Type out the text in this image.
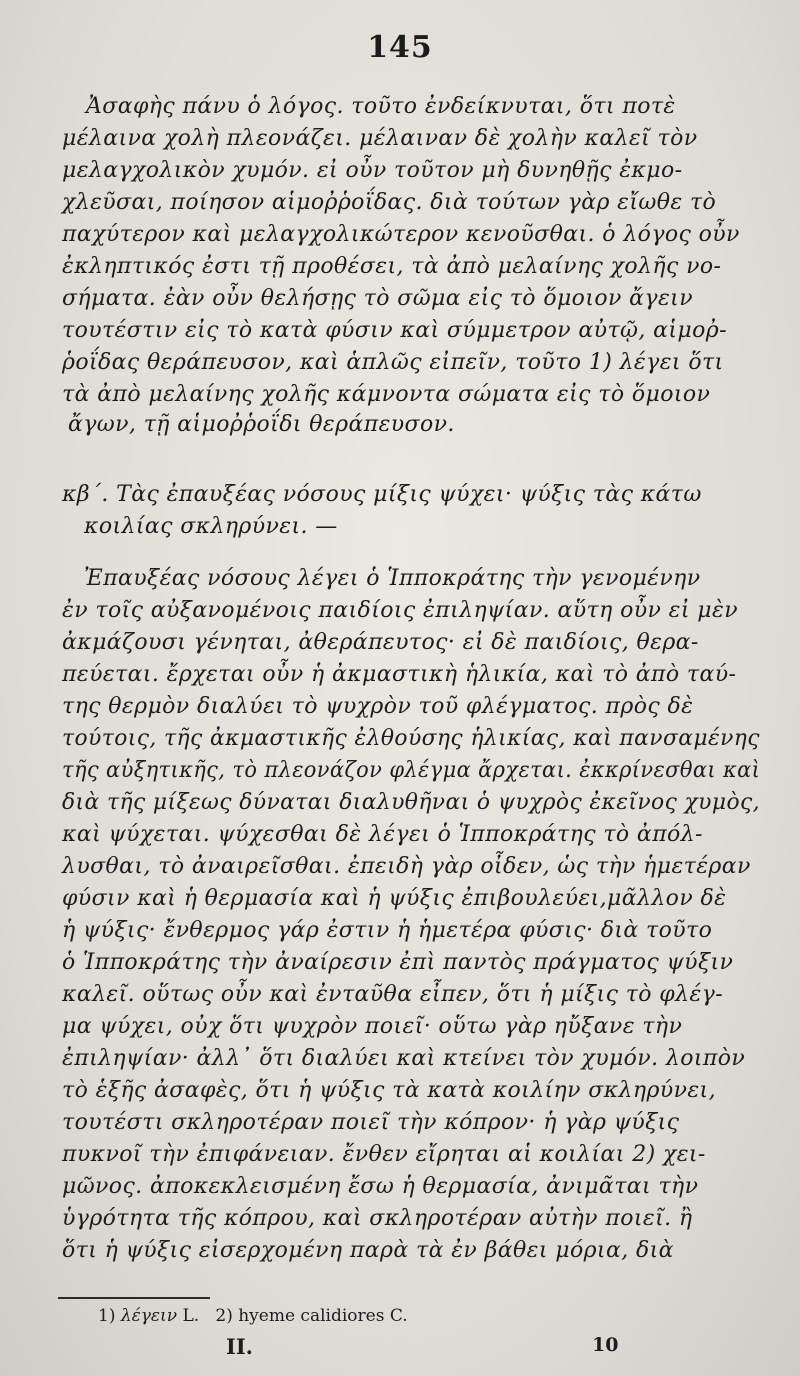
145
Ἀσαφὴς πάνυ ὁ λόγος. τοῦτο ἐνδείκνυται, ὅτι ποτὲ
μέλαινα χολὴ πλεονάζει. μέλαιναν δὲ χολὴν καλεῖ τὸν
μελαγχολικὸν χυμόν. εἰ οὖν τοῦτον μὴ δυνηθῇς ἐκμο-
χλεῦσαι, ποίησον αἱμοῤῥοΐδας. διὰ τούτων γὰρ εἴωθε τὸ
παχύτερον καὶ μελαγχολικώτερον κενοῦσθαι. ὁ λόγος οὖν
ἐκληπτικός ἐστι τῇ προθέσει, τὰ ἀπὸ μελαίνης χολῆς νο-
σήματα. ἐὰν οὖν θελήσῃς τὸ σῶμα εἰς τὸ ὅμοιον ἄγειν
τουτέστιν εἰς τὸ κατὰ φύσιν καὶ σύμμετρον αὐτῷ, αἱμοῤ-
ῥοΐδας θεράπευσον, καὶ ἁπλῶς εἰπεῖν, τοῦτο 1) λέγει ὅτι
τὰ ἀπὸ μελαίνης χολῆς κάμνοντα σώματα εἰς τὸ ὅμοιον
ἄγων, τῇ αἱμοῤῥοΐδι θεράπευσον.
κβ΄. Τὰς ἐπαυξέας νόσους μίξις ψύχει· ψύξις τὰς κάτω
κοιλίας σκληρύνει. —
Ἐπαυξέας νόσους λέγει ὁ Ἱπποκράτης τὴν γενομένην
ἐν τοῖς αὐξανομένοις παιδίοις ἐπιληψίαν. αὕτη οὖν εἰ μὲν
ἀκμάζουσι γένηται, ἀθεράπευτος· εἰ δὲ παιδίοις, θερα-
πεύεται. ἔρχεται οὖν ἡ ἀκμαστικὴ ἡλικία, καὶ τὸ ἀπὸ ταύ-
της θερμὸν διαλύει τὸ ψυχρὸν τοῦ φλέγματος. πρὸς δὲ
τούτοις, τῆς ἀκμαστικῆς ἐλθούσης ἡλικίας, καὶ πανσαμένης
τῆς αὐξητικῆς, τὸ πλεονάζον φλέγμα ἄρχεται. ἐκκρίνεσθαι καὶ
διὰ τῆς μίξεως δύναται διαλυθῆναι ὁ ψυχρὸς ἐκεῖνος χυμὸς,
καὶ ψύχεται. ψύχεσθαι δὲ λέγει ὁ Ἱπποκράτης τὸ ἀπόλ-
λυσθαι, τὸ ἀναιρεῖσθαι. ἐπειδὴ γὰρ οἶδεν, ὡς τὴν ἡμετέραν
φύσιν καὶ ἡ θερμασία καὶ ἡ ψύξις ἐπιβουλεύει,μᾶλλον δὲ
ἡ ψύξις· ἔνθερμος γάρ ἐστιν ἡ ἡμετέρα φύσις· διὰ τοῦτο
ὁ Ἱπποκράτης τὴν ἀναίρεσιν ἐπὶ παντὸς πράγματος ψύξιν
καλεῖ. οὕτως οὖν καὶ ἐνταῦθα εἶπεν, ὅτι ἡ μίξις τὸ φλέγ-
μα ψύχει, οὐχ ὅτι ψυχρὸν ποιεῖ· οὕτω γὰρ ηὔξανε τὴν
ἐπιληψίαν· ἀλλ᾽ ὅτι διαλύει καὶ κτείνει τὸν χυμόν. λοιπὸν
τὸ ἑξῆς ἀσαφὲς, ὅτι ἡ ψύξις τὰ κατὰ κοιλίην σκληρύνει,
τουτέστι σκληροτέραν ποιεῖ τὴν κόπρον· ἡ γὰρ ψύξις
πυκνοῖ τὴν ἐπιφάνειαν. ἔνθεν εἴρηται αἱ κοιλίαι 2) χει-
μῶνος. ἀποκεκλεισμένη ἔσω ἡ θερμασία, ἀνιμᾶται τὴν
ὑγρότητα τῆς κόπρου, καὶ σκληροτέραν αὐτὴν ποιεῖ. ἢ
ὅτι ἡ ψύξις εἰσερχομένη παρὰ τὰ ἐν βάθει μόρια, διὰ
1) λέγειν L. 2) hyeme calidiores C.
II.	10
